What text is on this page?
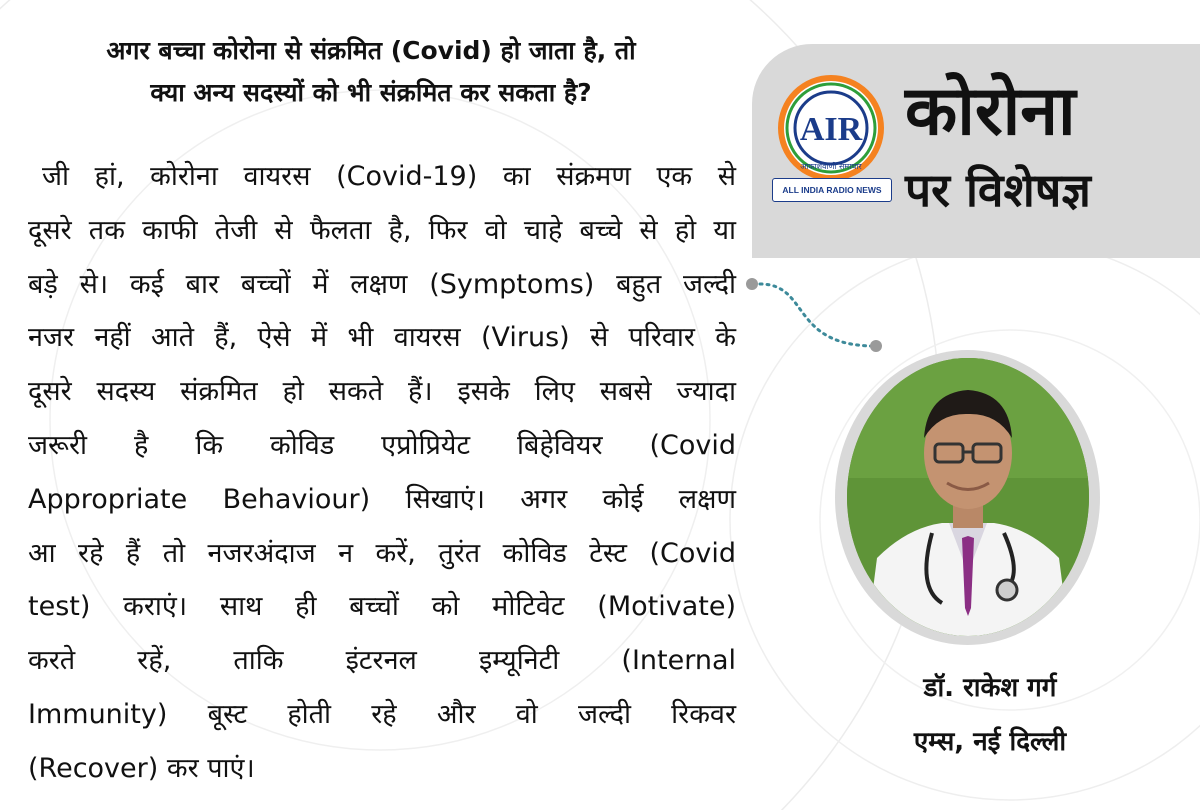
अगर बच्चा कोरोना से संक्रमित (Covid) हो जाता है, तो
क्या अन्य सदस्यों को भी संक्रमित कर सकता है?
जी हां, कोरोना वायरस (Covid-19) का संक्रमण एक से
दूसरे तक काफी तेजी से फैलता है, फिर वो चाहे बच्चे से हो या
बड़े से। कई बार बच्चों में लक्षण (Symptoms) बहुत जल्दी
नजर नहीं आते हैं, ऐसे में भी वायरस (Virus) से परिवार के
दूसरे सदस्य संक्रमित हो सकते हैं। इसके लिए सबसे ज्यादा
जरूरी है कि कोविड एप्रोप्रियेट बिहेवियर (Covid
Appropriate Behaviour) सिखाएं। अगर कोई लक्षण
आ रहे हैं तो नजरअंदाज न करें, तुरंत कोविड टेस्ट (Covid
test) कराएं। साथ ही बच्चों को मोटिवेट (Motivate)
करते रहें, ताकि इंटरनल इम्यूनिटी (Internal
Immunity) बूस्ट होती रहे और वो जल्दी रिकवर
(Recover) कर पाएं।
AIR
आकाशवाणी समाचार
ALL INDIA RADIO NEWS
कोरोना
पर विशेषज्ञ
डॉ. राकेश गर्ग
एम्स, नई दिल्ली
